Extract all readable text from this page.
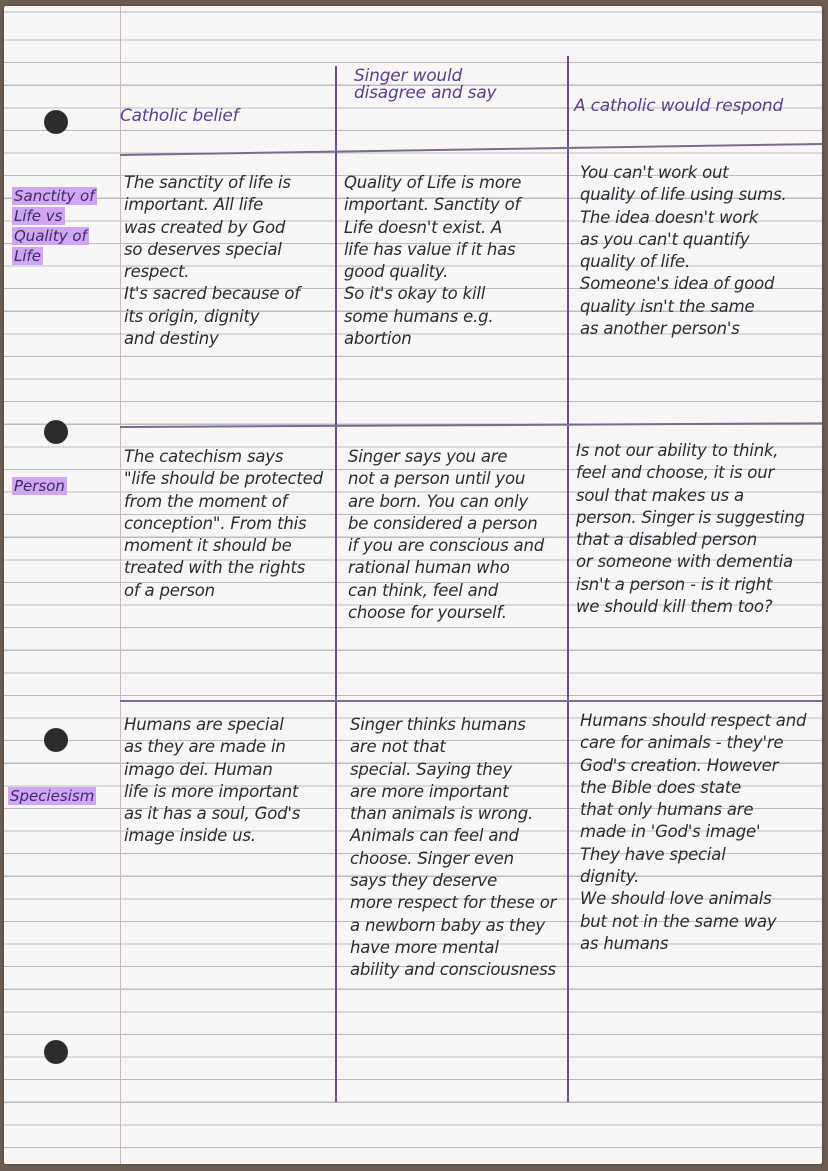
Catholic belief
Singer would disagree and say
A catholic would respond
Sanctity of
Life vs
Quality of
Life
Person
Speciesism
The sanctity of life is
important. All life
was created by God
so deserves special
respect.
It's sacred because of
its origin, dignity
and destiny
Quality of Life is more
important. Sanctity of
Life doesn't exist. A
life has value if it has
good quality.
So it's okay to kill
some humans e.g.
abortion
You can't work out
quality of life using sums.
The idea doesn't work
as you can't quantify
quality of life.
Someone's idea of good
quality isn't the same
as another person's
The catechism says
"life should be protected
from the moment of
conception". From this
moment it should be
treated with the rights
of a person
Singer says you are
not a person until you
are born. You can only
be considered a person
if you are conscious and
rational human who
can think, feel and
choose for yourself.
Is not our ability to think,
feel and choose, it is our
soul that makes us a
person. Singer is suggesting
that a disabled person
or someone with dementia
isn't a person - is it right
we should kill them too?
Humans are special
as they are made in
imago dei. Human
life is more important
as it has a soul, God's
image inside us.
Singer thinks humans
are not that
special. Saying they
are more important
than animals is wrong.
Animals can feel and
choose. Singer even
says they deserve
more respect for these or
a newborn baby as they
have more mental
ability and consciousness
Humans should respect and
care for animals - they're
God's creation. However
the Bible does state
that only humans are
made in 'God's image'
They have special
dignity.
We should love animals
but not in the same way
as humans
